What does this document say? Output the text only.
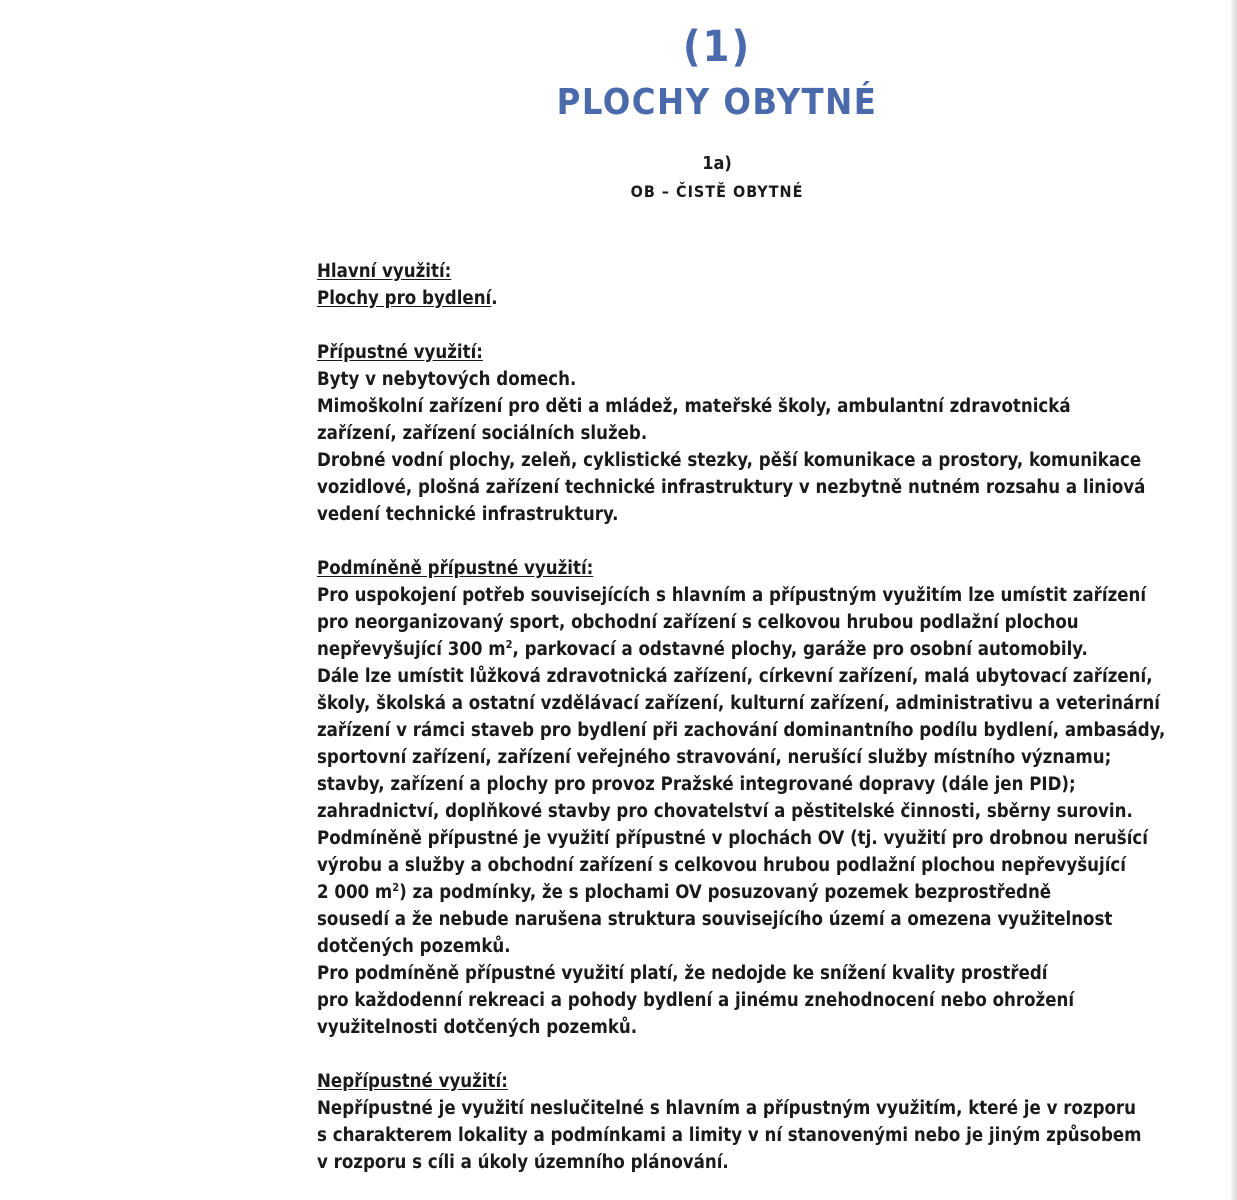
(1)
PLOCHY OBYTNÉ
1a)
OB – ČISTĚ OBYTNÉ
Hlavní využití:
Plochy pro bydlení.
Přípustné využití:
Byty v nebytových domech.
Mimoškolní zařízení pro děti a mládež, mateřské školy, ambulantní zdravotnická
zařízení, zařízení sociálních služeb.
Drobné vodní plochy, zeleň, cyklistické stezky, pěší komunikace a prostory, komunikace
vozidlové, plošná zařízení technické infrastruktury v nezbytně nutném rozsahu a liniová
vedení technické infrastruktury.
Podmíněně přípustné využití:
Pro uspokojení potřeb souvisejících s hlavním a přípustným využitím lze umístit zařízení
pro neorganizovaný sport, obchodní zařízení s celkovou hrubou podlažní plochou
nepřevyšující 300 $m^2$, parkovací a odstavné plochy, garáže pro osobní automobily.
Dále lze umístit lůžková zdravotnická zařízení, církevní zařízení, malá ubytovací zařízení,
školy, školská a ostatní vzdělávací zařízení, kulturní zařízení, administrativu a veterinární
zařízení v rámci staveb pro bydlení při zachování dominantního podílu bydlení, ambasády,
sportovní zařízení, zařízení veřejného stravování, nerušící služby místního významu;
stavby, zařízení a plochy pro provoz Pražské integrované dopravy (dále jen PID);
zahradnictví, doplňkové stavby pro chovatelství a pěstitelské činnosti, sběrny surovin.
Podmíněně přípustné je využití přípustné v plochách OV (tj. využití pro drobnou nerušící
výrobu a služby a obchodní zařízení s celkovou hrubou podlažní plochou nepřevyšující
2 000 $m^2$) za podmínky, že s plochami OV posuzovaný pozemek bezprostředně
sousedí a že nebude narušena struktura souvisejícího území a omezena využitelnost
dotčených pozemků.
Pro podmíněně přípustné využití platí, že nedojde ke snížení kvality prostředí
pro každodenní rekreaci a pohody bydlení a jinému znehodnocení nebo ohrožení
využitelnosti dotčených pozemků.
Nepřípustné využití:
Nepřípustné je využití neslučitelné s hlavním a přípustným využitím, které je v rozporu
s charakterem lokality a podmínkami a limity v ní stanovenými nebo je jiným způsobem
v rozporu s cíli a úkoly územního plánování.
